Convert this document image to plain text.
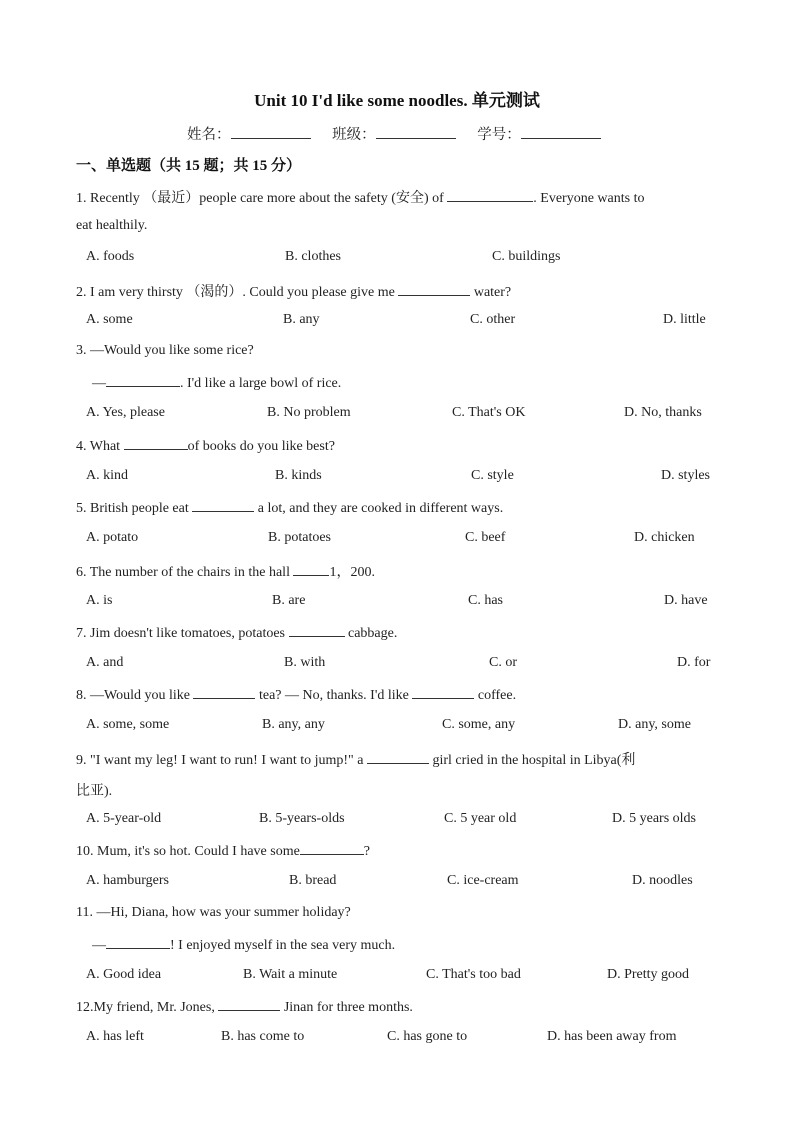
Unit 10 I'd like some noodles. 单元测试
姓名：	班级：	学号：
一、单选题（共 15 题；共 15 分）
1. Recently （最近）people care more about the safety (安全) of	. Everyone wants to
eat healthily.
A. foods	B. clothes	C. buildings
2. I am very thirsty （渴的）. Could you please give me	water?
A. some	B. any	C. other	D. little
3. —Would you like some rice?
—	. I'd like a large bowl of rice.
A. Yes, please	B. No problem	C. That's OK	D. No, thanks
4. What	of books do you like best?
A. kind	B. kinds	C. style	D. styles
5. British people eat	a lot, and they are cooked in different ways.
A. potato	B. potatoes	C. beef	D. chicken
6. The number of the chairs in the hall	1，200.
A. is	B. are	C. has	D. have
7. Jim doesn't like tomatoes, potatoes	cabbage.
A. and	B. with	C. or	D. for
8. —Would you like	tea? — No, thanks. I'd like	coffee.
A. some, some	B. any, any	C. some, any	D. any, some
9. "I want my leg! I want to run! I want to jump!" a	girl cried in the hospital in Libya(利
比亚).
A. 5-year-old	B. 5-years-olds	C. 5 year old	D. 5 years olds
10. Mum, it's so hot. Could I have some	?
A. hamburgers	B. bread	C. ice-cream	D. noodles
11. —Hi, Diana, how was your summer holiday?
—	! I enjoyed myself in the sea very much.
A. Good idea	B. Wait a minute	C. That's too bad	D. Pretty good
12.My friend, Mr. Jones,	Jinan for three months.
A. has left	B. has come to	C. has gone to	D. has been away from
